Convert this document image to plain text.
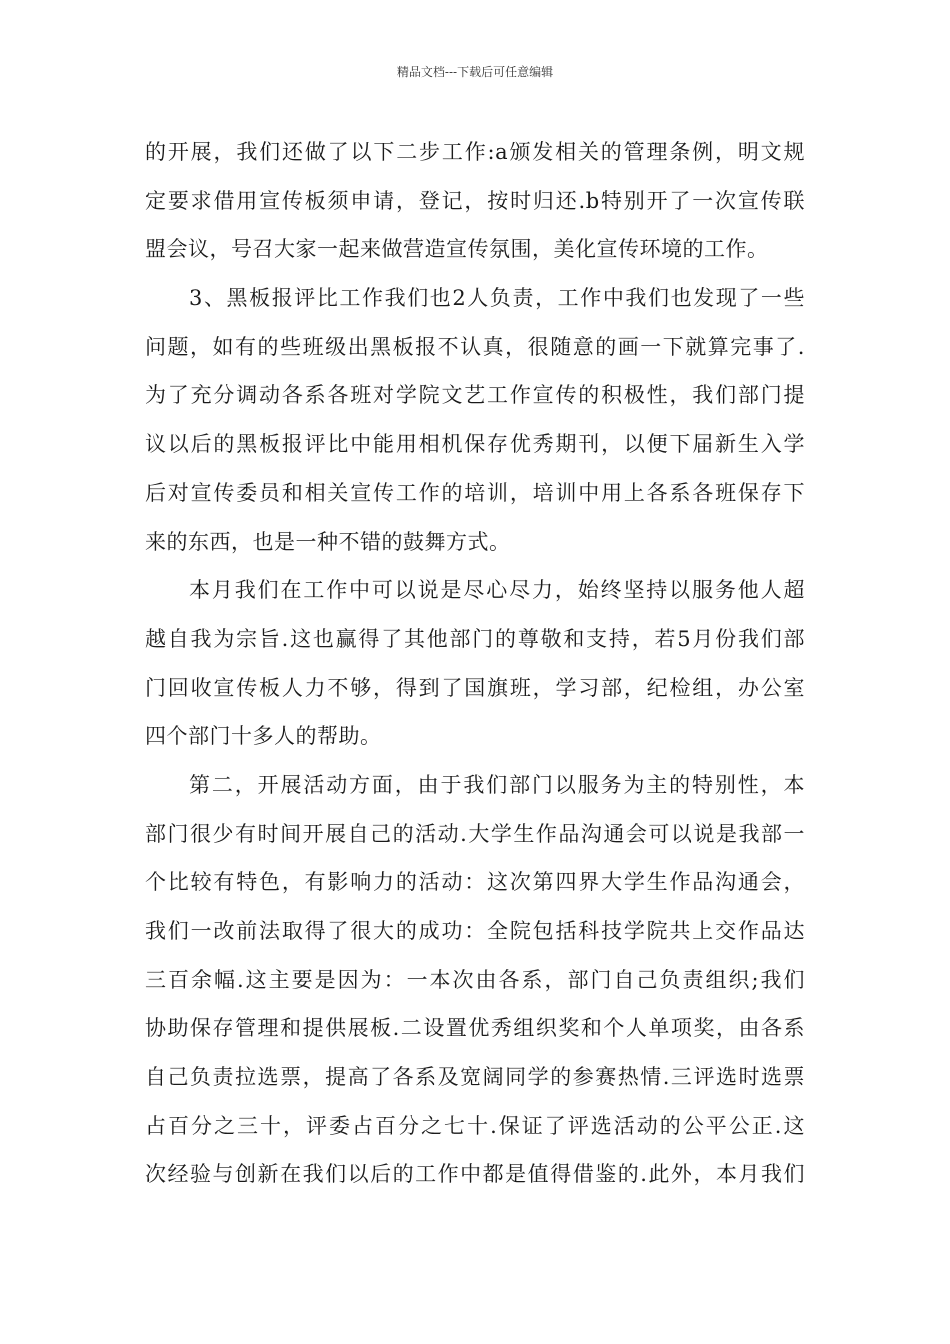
精品文档---下载后可任意编辑
的开展，我们还做了以下二步工作:a颁发相关的管理条例，明文规
定要求借用宣传板须申请，登记，按时归还.b特别开了一次宣传联
盟会议，号召大家一起来做营造宣传氛围，美化宣传环境的工作。
3、黑板报评比工作我们也2人负责，工作中我们也发现了一些
问题，如有的些班级出黑板报不认真，很随意的画一下就算完事了.
为了充分调动各系各班对学院文艺工作宣传的积极性，我们部门提
议以后的黑板报评比中能用相机保存优秀期刊，以便下届新生入学
后对宣传委员和相关宣传工作的培训，培训中用上各系各班保存下
来的东西，也是一种不错的鼓舞方式。
本月我们在工作中可以说是尽心尽力，始终坚持以服务他人超
越自我为宗旨.这也赢得了其他部门的尊敬和支持，若5月份我们部
门回收宣传板人力不够，得到了国旗班，学习部，纪检组，办公室
四个部门十多人的帮助。
第二，开展活动方面，由于我们部门以服务为主的特别性，本
部门很少有时间开展自己的活动.大学生作品沟通会可以说是我部一
个比较有特色，有影响力的活动：这次第四界大学生作品沟通会，
我们一改前法取得了很大的成功：全院包括科技学院共上交作品达
三百余幅.这主要是因为：一本次由各系，部门自己负责组织;我们
协助保存管理和提供展板.二设置优秀组织奖和个人单项奖，由各系
自己负责拉选票，提高了各系及宽阔同学的参赛热情.三评选时选票
占百分之三十，评委占百分之七十.保证了评选活动的公平公正.这
次经验与创新在我们以后的工作中都是值得借鉴的.此外，本月我们
